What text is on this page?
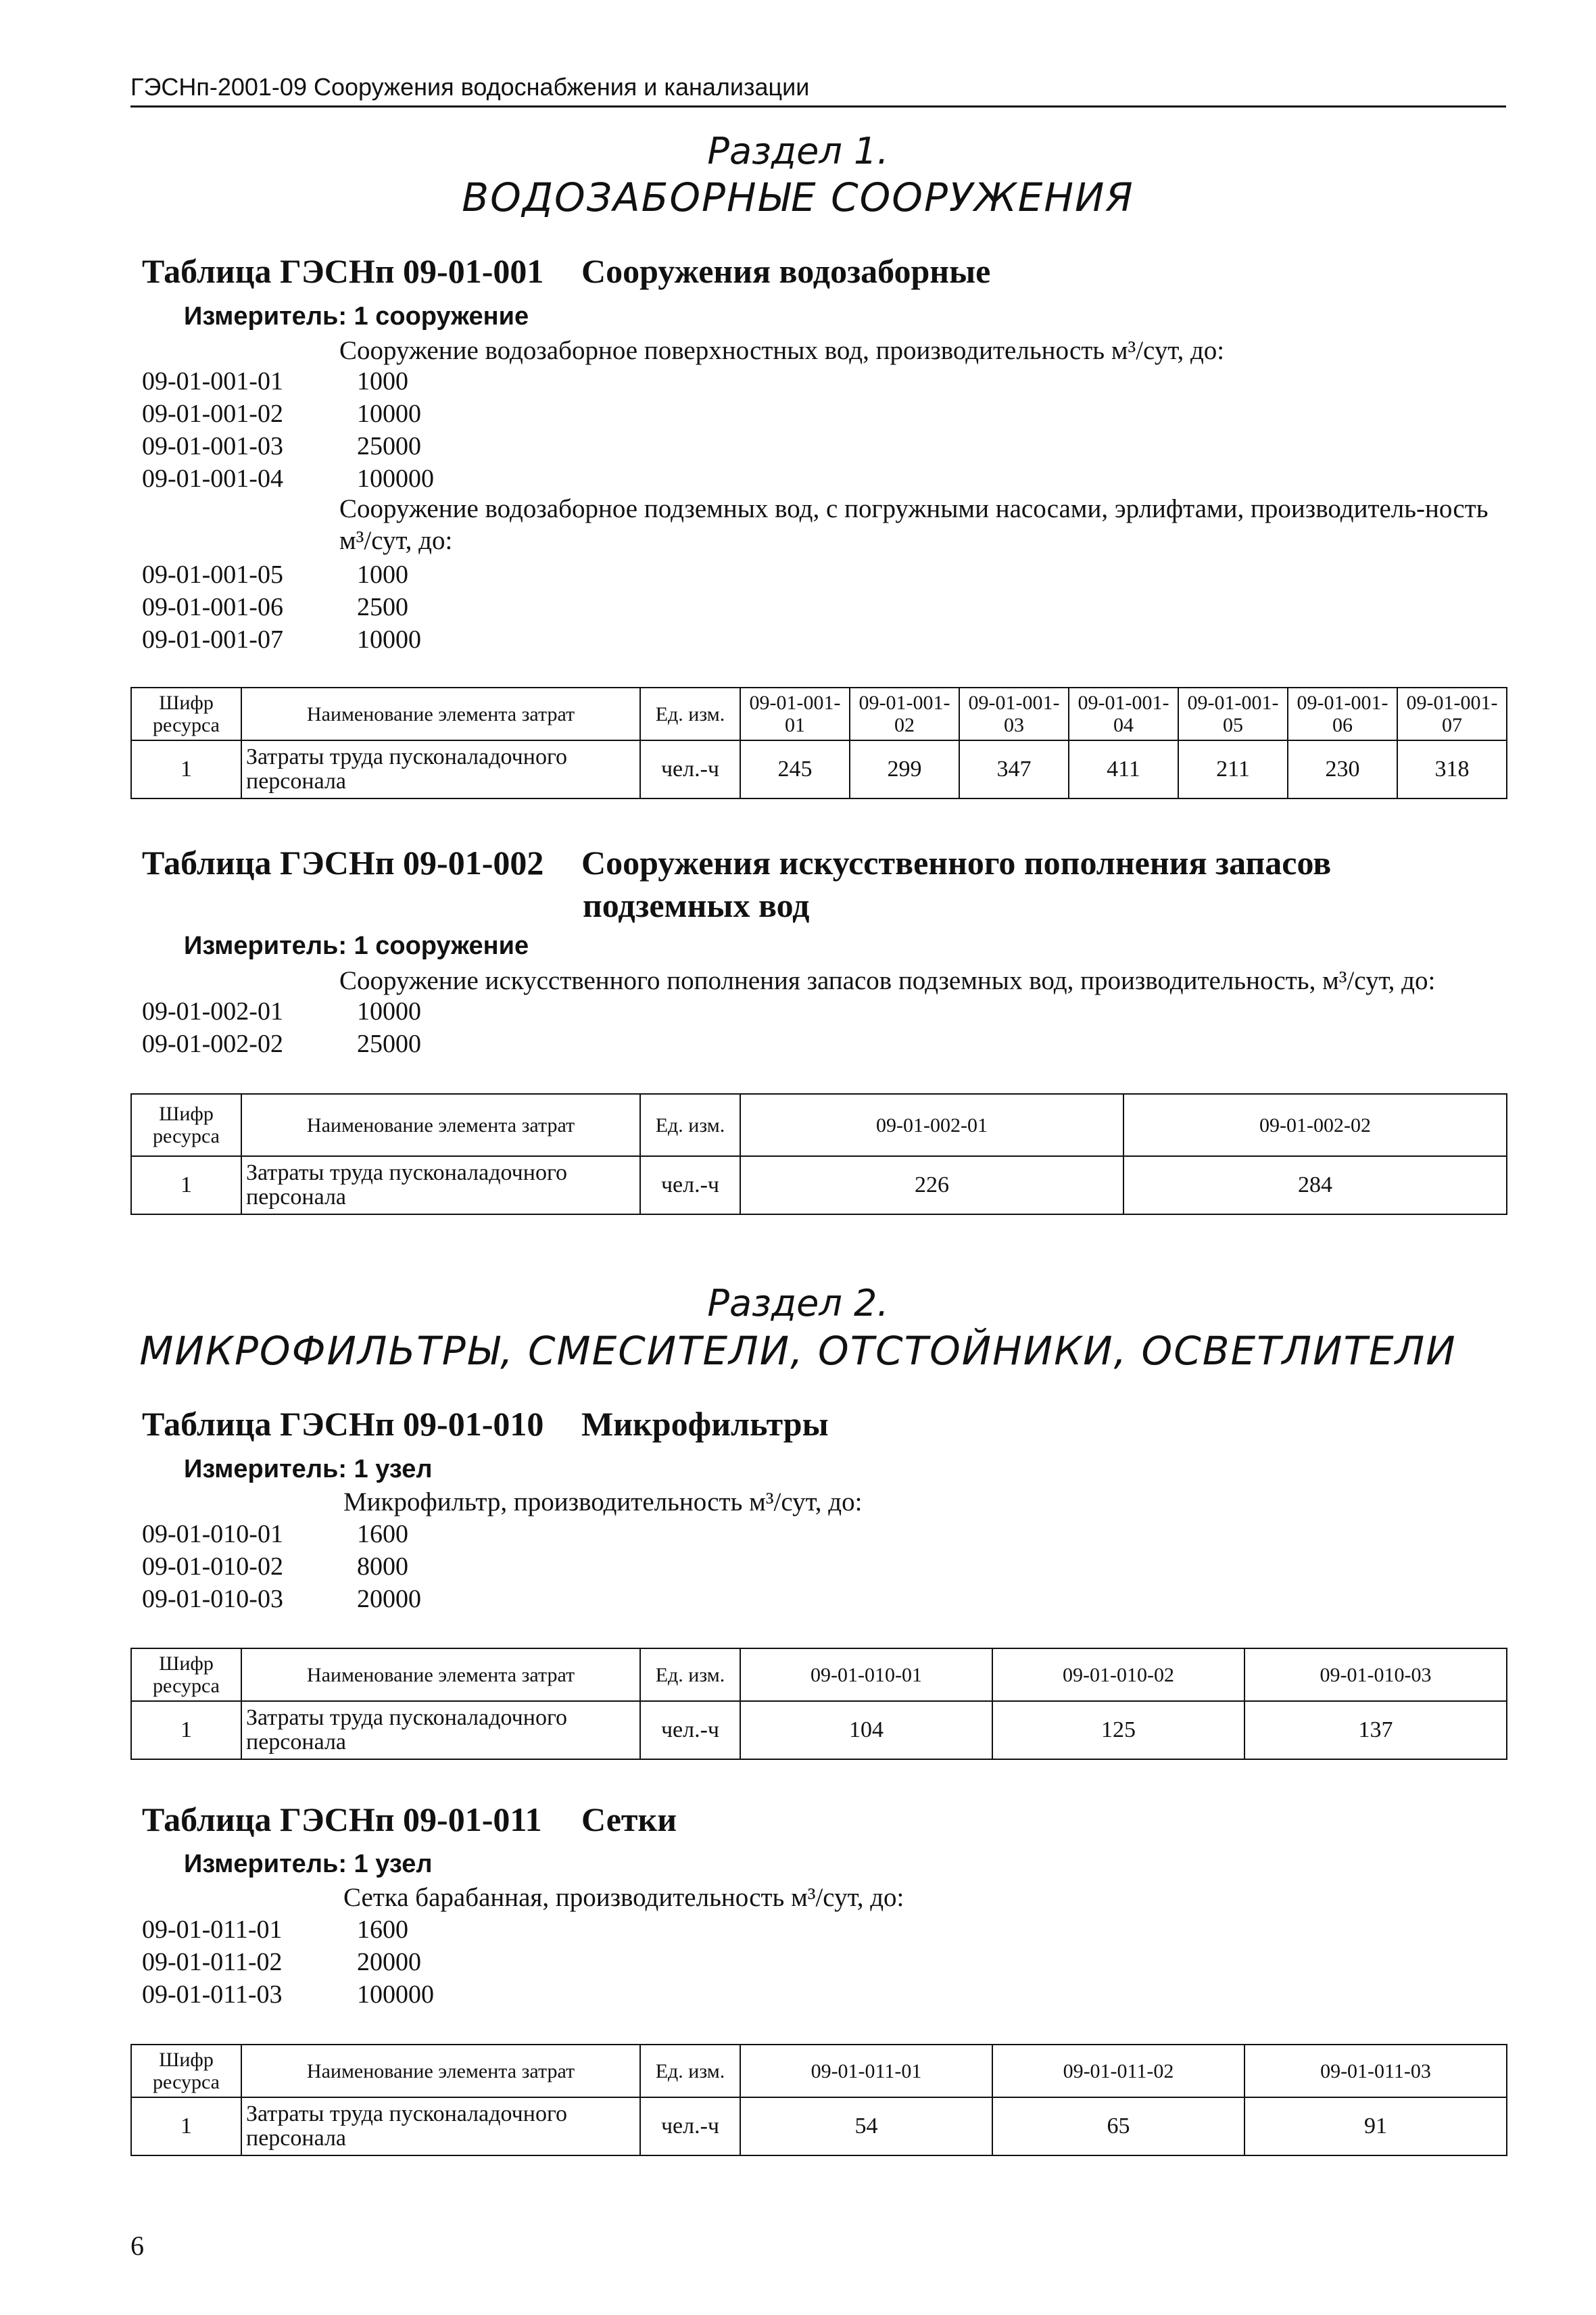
ГЭСНп-2001-09 Сооружения водоснабжения и канализации
Раздел 1.
ВОДОЗАБОРНЫЕ СООРУЖЕНИЯ
Таблица ГЭСНп 09-01-001 Сооружения водозаборные
Измеритель: 1 сооружение
Сооружение водозаборное поверхностных вод, производительность м³/сут, до:
09-01-001-01	1000
09-01-001-02	10000
09-01-001-03	25000
09-01-001-04	100000
Сооружение водозаборное подземных вод, с погружными насосами, эрлифтами, производитель-ность м³/сут, до:
09-01-001-05	1000
09-01-001-06	2500
09-01-001-07	10000
Шифр ресурса	Наименование элемента затрат	Ед. изм.	09-01-001-01	09-01-001-02	09-01-001-03	09-01-001-04	09-01-001-05	09-01-001-06	09-01-001-07
1	Затраты труда пусконаладочного персонала	чел.-ч	245	299	347	411	211	230	318
Таблица ГЭСНп 09-01-002 Сооружения искусственного пополнения запасов
подземных вод
Измеритель: 1 сооружение
Сооружение искусственного пополнения запасов подземных вод, производительность, м³/сут, до:
09-01-002-01	10000
09-01-002-02	25000
Шифр ресурса	Наименование элемента затрат	Ед. изм.	09-01-002-01	09-01-002-02
1	Затраты труда пусконаладочного персонала	чел.-ч	226	284
Раздел 2.
МИКРОФИЛЬТРЫ, СМЕСИТЕЛИ, ОТСТОЙНИКИ, ОСВЕТЛИТЕЛИ
Таблица ГЭСНп 09-01-010 Микрофильтры
Измеритель: 1 узел
Микрофильтр, производительность м³/сут, до:
09-01-010-01	1600
09-01-010-02	8000
09-01-010-03	20000
Шифр ресурса	Наименование элемента затрат	Ед. изм.	09-01-010-01	09-01-010-02	09-01-010-03
1	Затраты труда пусконаладочного персонала	чел.-ч	104	125	137
Таблица ГЭСНп 09-01-011 Сетки
Измеритель: 1 узел
Сетка барабанная, производительность м³/сут, до:
09-01-011-01	1600
09-01-011-02	20000
09-01-011-03	100000
Шифр ресурса	Наименование элемента затрат	Ед. изм.	09-01-011-01	09-01-011-02	09-01-011-03
1	Затраты труда пусконаладочного персонала	чел.-ч	54	65	91
6
